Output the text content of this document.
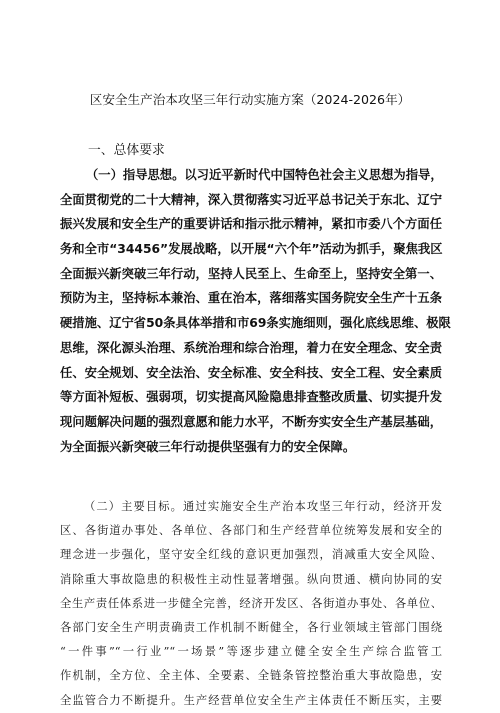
区安全生产治本攻坚三年行动实施方案（2024-2026年）
一、总体要求
（一）指导思想。以习近平新时代中国特色社会主义思想为指导，
全面贯彻党的二十大精神，深入贯彻落实习近平总书记关于东北、辽宁
振兴发展和安全生产的重要讲话和指示批示精神，紧扣市委八个方面任
务和全市“34456”发展战略，以开展“六个年”活动为抓手，聚焦我区
全面振兴新突破三年行动，坚持人民至上、生命至上，坚持安全第一、
预防为主，坚持标本兼治、重在治本，落细落实国务院安全生产十五条
硬措施、辽宁省50条具体举措和市69条实施细则，强化底线思维、极限
思维，深化源头治理、系统治理和综合治理，着力在安全理念、安全责
任、安全规划、安全法治、安全标准、安全科技、安全工程、安全素质
等方面补短板、强弱项，切实提高风险隐患排查整改质量、切实提升发
现问题解决问题的强烈意愿和能力水平，不断夯实安全生产基层基础，
为全面振兴新突破三年行动提供坚强有力的安全保障。
（二）主要目标。通过实施安全生产治本攻坚三年行动，经济开发
区、各街道办事处、各单位、各部门和生产经营单位统筹发展和安全的
理念进一步强化，坚守安全红线的意识更加强烈，消减重大安全风险、
消除重大事故隐患的积极性主动性显著增强。纵向贯通、横向协同的安
全生产责任体系进一步健全完善，经济开发区、各街道办事处、各单位、
各部门安全生产明责确责工作机制不断健全，各行业领域主管部门围绕
“一件事”“一行业”“一场景”等逐步建立健全安全生产综合监管工
作机制，全方位、全主体、全要素、全链条管控整治重大事故隐患，安
全监管合力不断提升。生产经营单位安全生产主体责任不断压实，主要
